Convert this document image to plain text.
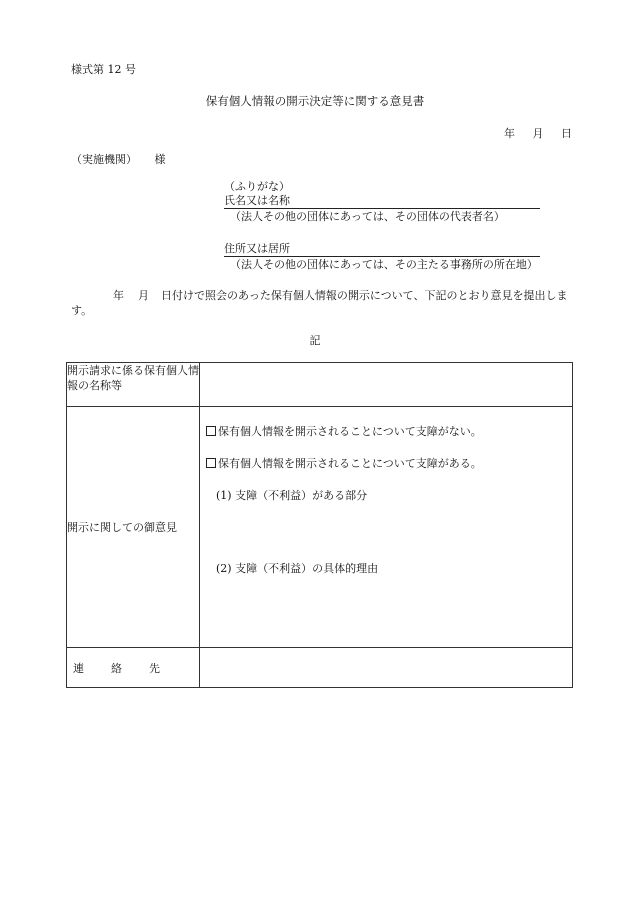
様式第 12 号
保有個人情報の開示決定等に関する意見書
年 月 日
（実施機関） 様
（ふりがな）
氏名又は名称
（法人その他の団体にあっては、その団体の代表者名）
住所又は居所
（法人その他の団体にあっては、その主たる事務所の所在地）
年 月 日付けで照会のあった保有個人情報の開示について、下記のとおり意見を提出します。
記
開示請求に係る保有個人情報の名称等	
開示に関しての御意見	保有個人情報を開示されることについて支障がない。
保有個人情報を開示されることについて支障がある。
(1) 支障（不利益）がある部分
(2) 支障（不利益）の具体的理由

連　絡　先	
